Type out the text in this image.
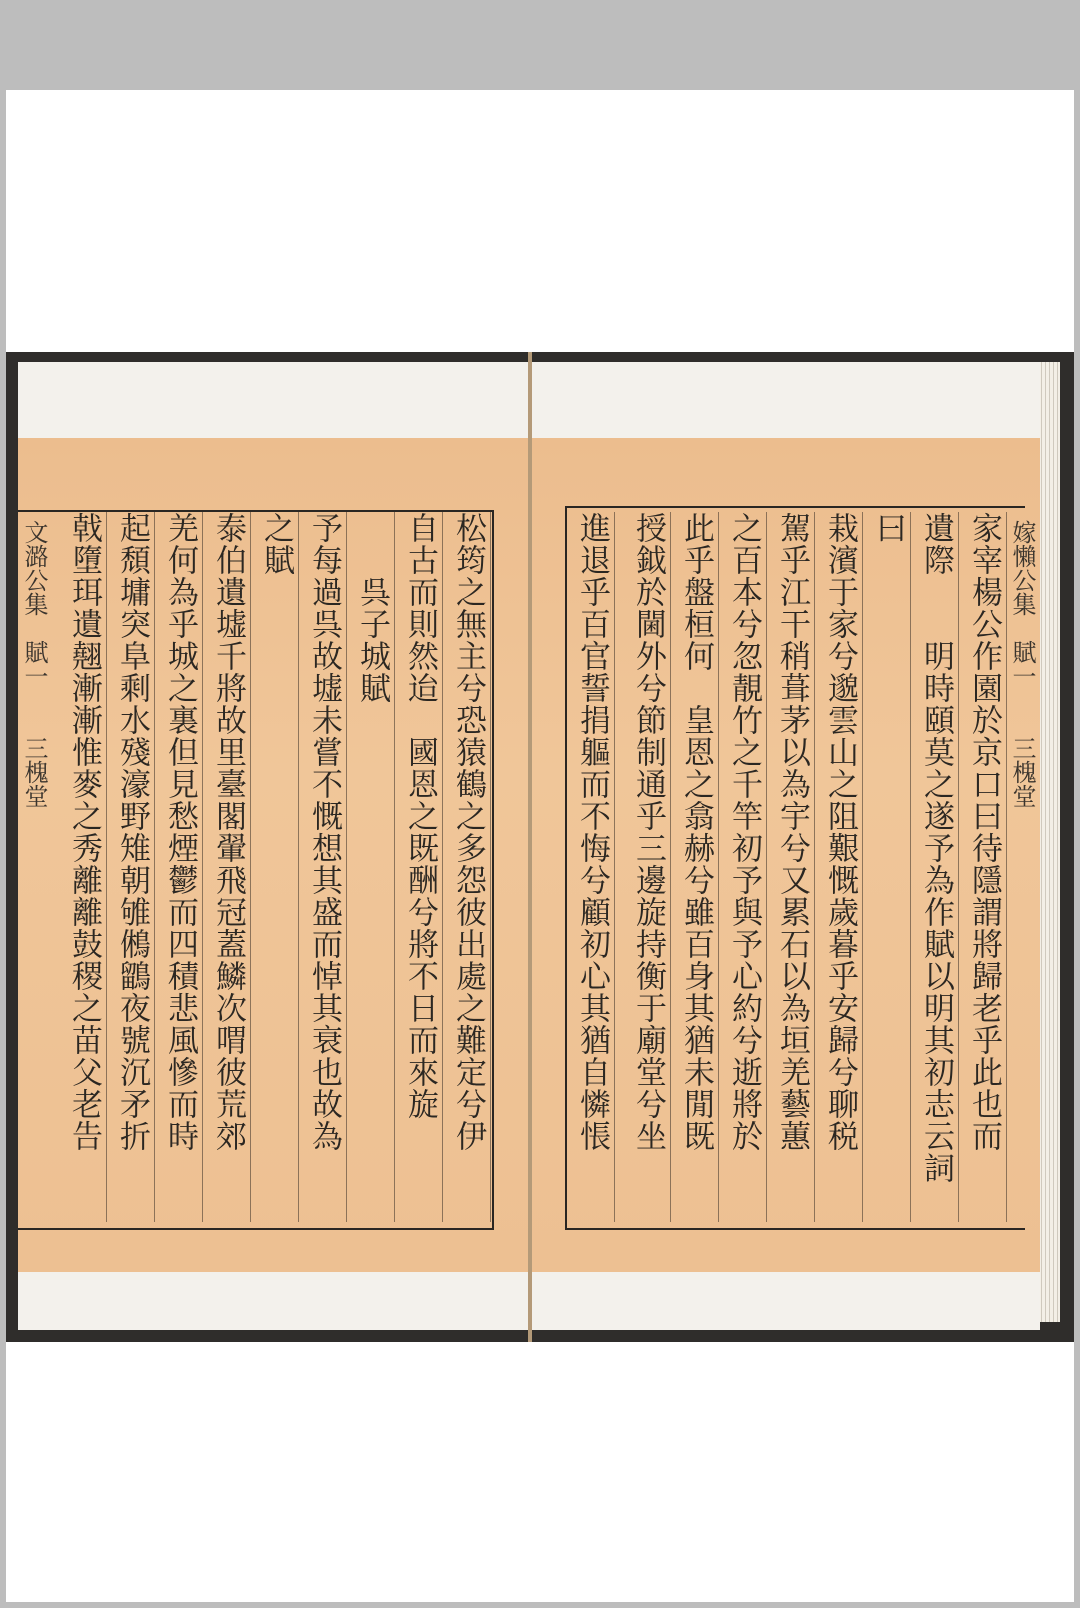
嫁懶公集　賦一　　三槐堂
家宰楊公作園於京口曰待隱謂將歸老乎此也而
遺際　　明時頤莫之遂予為作賦以明其初志云詞
曰
栽濱于家兮邈雲山之阻艱慨歲暮乎安歸兮聊税
駕乎江干稍葺茅以為宇兮又累石以為垣羌藝蕙
之百本兮忽靚竹之千竿初予與予心約兮逝將於
此乎盤桓何　皇恩之翕赫兮雖百身其猶未閒既
授鉞於閫外兮節制通乎三邊旋持衡于廟堂兮坐
進退乎百官誓捐軀而不悔兮顧初心其猶自憐悵
松筠之無主兮恐猿鶴之多怨彼出處之難定兮伊
自古而則然迨　國恩之既酬兮將不日而來旋
　　呉子城賦
予每過呉故墟未嘗不慨想其盛而悼其衰也故為
之賦
泰伯遺墟千將故里臺閣翬飛冠蓋鱗次喟彼荒郊
羌何為乎城之裏但見愁煙鬱而四積悲風慘而時
起頹墉突阜剩水殘濠野雉朝雊鵂鶹夜號沉矛折
戟墮珥遺翹漸漸惟麥之秀離離鼓稷之苗父老告
文潞公集　賦一　　三槐堂
